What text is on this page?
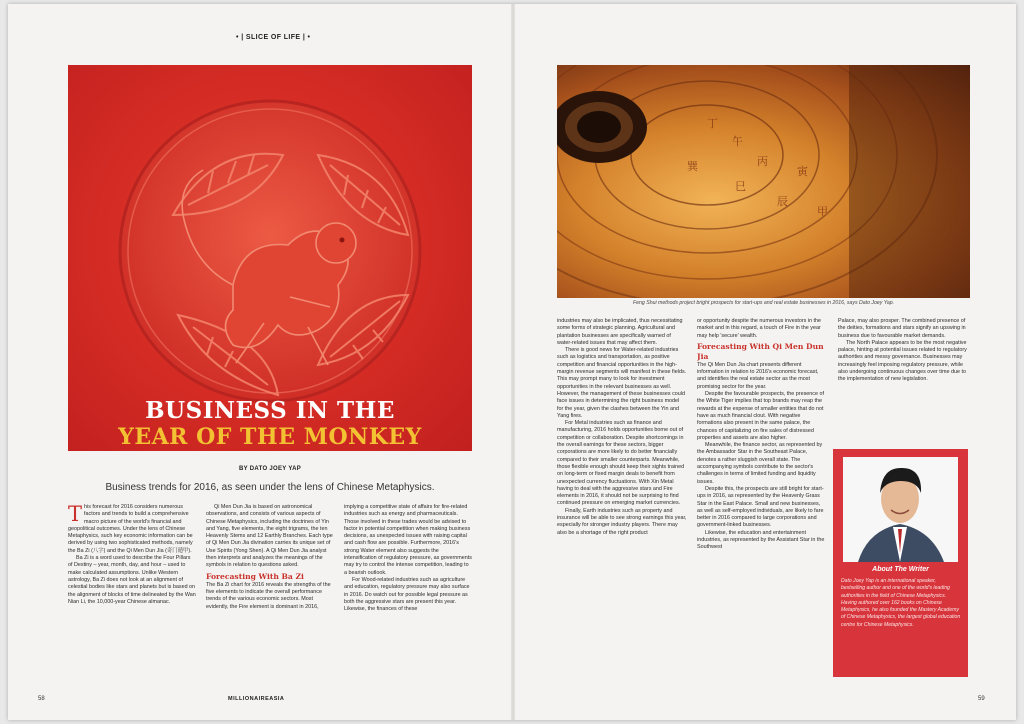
• | SLICE OF LIFE | •
BUSINESS IN THE
YEAR OF THE MONKEY
BY DATO JOEY YAP
Business trends for 2016, as seen under the lens of Chinese Metaphysics.

This forecast for 2016 considers numerous factors and trends to build a comprehensive macro picture of the world's financial and geopolitical outcomes. Under the lens of Chinese Metaphysics, such key economic information can be derived by using two sophisticated methods, namely the Ba Zi (八字) and the Qi Men Dun Jia (奇门遁甲).

Ba Zi is a word used to describe the Four Pillars of Destiny – year, month, day, and hour – used to make calculated assumptions. Unlike Western astrology, Ba Zi does not look at an alignment of celestial bodies like stars and planets but is based on the alignment of blocks of time delineated by the Wan Nian Li, the 10,000-year Chinese almanac.

Qi Men Dun Jia is based on astronomical observations, and consists of various aspects of Chinese Metaphysics, including the doctrines of Yin and Yang, five elements, the eight trigrams, the ten Heavenly Stems and 12 Earthly Branches. Each type of Qi Men Dun Jia divination carries its unique set of Use Spirits (Yong Shen). A Qi Men Dun Jia analyst then interprets and analyzes the meanings of the symbols in relation to questions asked.

Forecasting With Ba Zi

The Ba Zi chart for 2016 reveals the strengths of the five elements to indicate the overall performance trends of the various economic sectors. Most evidently, the Fire element is dominant in 2016,

implying a competitive state of affairs for fire-related industries such as energy and pharmaceuticals. Those involved in these trades would be advised to factor in potential competition when making business decisions, as unexpected issues with raising capital and cash flow are possible. Furthermore, 2016's strong Water element also suggests the intensification of regulatory pressure, as governments may try to control the intense competition, leading to a bearish outlook.

For Wood-related industries such as agriculture and education, regulatory pressure may also surface in 2016. Do watch out for possible legal pressure as both the aggressive stars are present this year. Likewise, the finances of these

丁
午
丙
巽
巳
辰
寅
甲
Feng Shui methods project bright prospects for start-ups and real estate businesses in 2016, says Dato Joey Yap.

industries may also be implicated, thus necessitating some forms of strategic planning. Agricultural and plantation businesses are specifically warned of water-related issues that may affect them.

There is good news for Water-related industries such as logistics and transportation, as positive competition and financial opportunities in the high-margin revenue segments will manifest in these fields. This may prompt many to look for investment opportunities in the relevant businesses as well. However, the management of these businesses could face issues in determining the right business model for the year, given the clashes between the Yin and Yang fires.

For Metal industries such as finance and manufacturing, 2016 holds opportunities borne out of competition or collaboration. Despite shortcomings in the overall earnings for these sectors, bigger corporations are more likely to do better financially compared to their smaller counterparts. Meanwhile, those flexible enough should keep their sights trained on long-term or fixed margin deals to benefit from unexpected currency fluctuations. With Xin Metal having to deal with the aggressive stars and Fire elements in 2016, it should not be surprising to find continued pressure on emerging market currencies.

Finally, Earth industries such as property and insurance will be able to see strong earnings this year, especially for stronger industry players. There may also be a shortage of the right product

or opportunity despite the numerous investors in the market and in this regard, a touch of Fire in the year may help 'secure' wealth.

Forecasting With Qi Men Dun Jia

The Qi Men Dun Jia chart presents different information in relation to 2016's economic forecast, and identifies the real estate sector as the most promising sector for the year.

Despite the favourable prospects, the presence of the White Tiger implies that top brands may reap the rewards at the expense of smaller entities that do not have as much financial clout. With negative formations also present in the same palace, the chances of capitalizing on fire sales of distressed properties and assets are also higher.

Meanwhile, the finance sector, as represented by the Ambassador Star in the Southeast Palace, denotes a rather sluggish overall state. The accompanying symbols contribute to the sector's challenges in terms of limited funding and liquidity issues.

Despite this, the prospects are still bright for start-ups in 2016, as represented by the Heavenly Grass Star in the East Palace. Small and new businesses, as well as self-employed individuals, are likely to fare better in 2016 compared to large corporations and government-linked businesses.

Likewise, the education and entertainment industries, as represented by the Assistant Star in the Southwest

Palace, may also prosper. The combined presence of the deities, formations and stars signify an upswing in business due to favourable market demands.

The North Palace appears to be the most negative palace, hinting at potential issues related to regulatory authorities and messy governance. Businesses may increasingly feel imposing regulatory pressure, while also undergoing continuous changes over time due to the implementation of new legislation.

About The Writer
Dato Joey Yap is an international speaker, bestselling author and one of the world's leading authorities in the field of Chinese Metaphysics. Having authored over 162 books on Chinese Metaphysics, he also founded the Mastery Academy of Chinese Metaphysics, the largest global education centre for Chinese Metaphysics.
58	MILLIONAIREASIA	59
